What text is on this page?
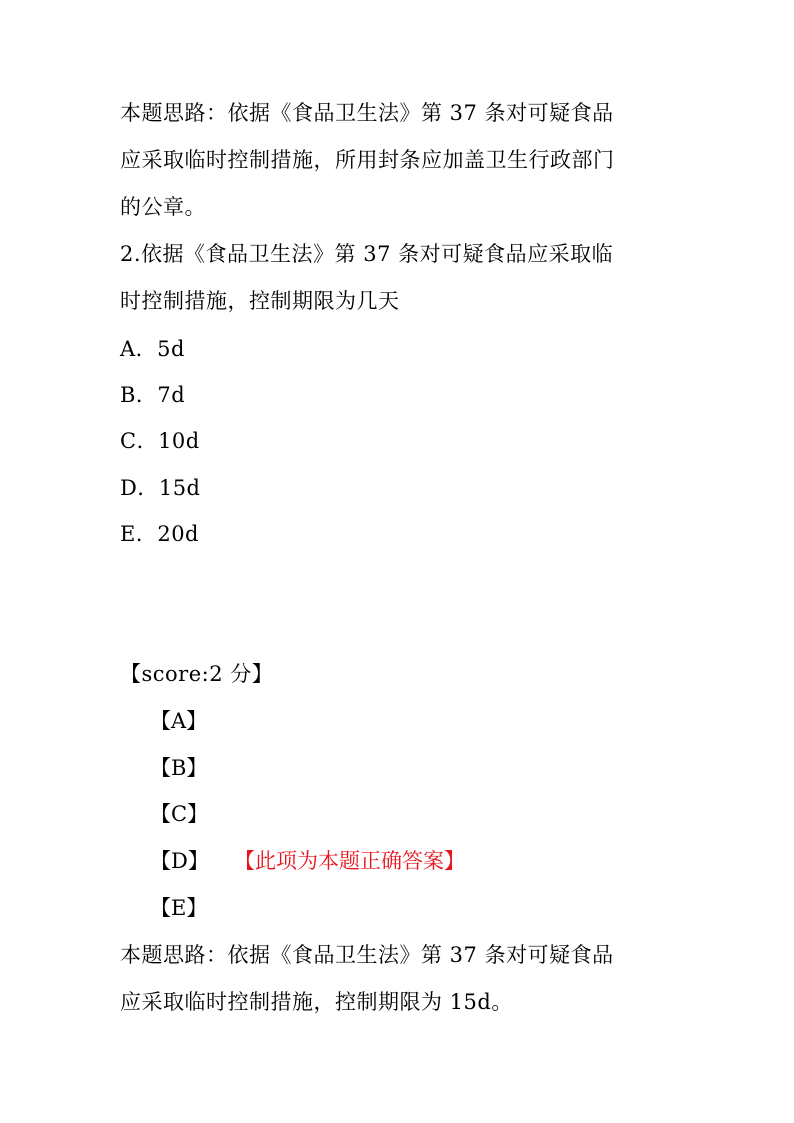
本题思路：依据《食品卫生法》第 37 条对可疑食品
应采取临时控制措施，所用封条应加盖卫生行政部门
的公章。
2.依据《食品卫生法》第 37 条对可疑食品应采取临
时控制措施，控制期限为几天
A．5d
B．7d
C．10d
D．15d
E．20d
【score:2 分】
【A】
【B】
【C】
【D】 【此项为本题正确答案】
【E】
本题思路：依据《食品卫生法》第 37 条对可疑食品
应采取临时控制措施，控制期限为 15d。
